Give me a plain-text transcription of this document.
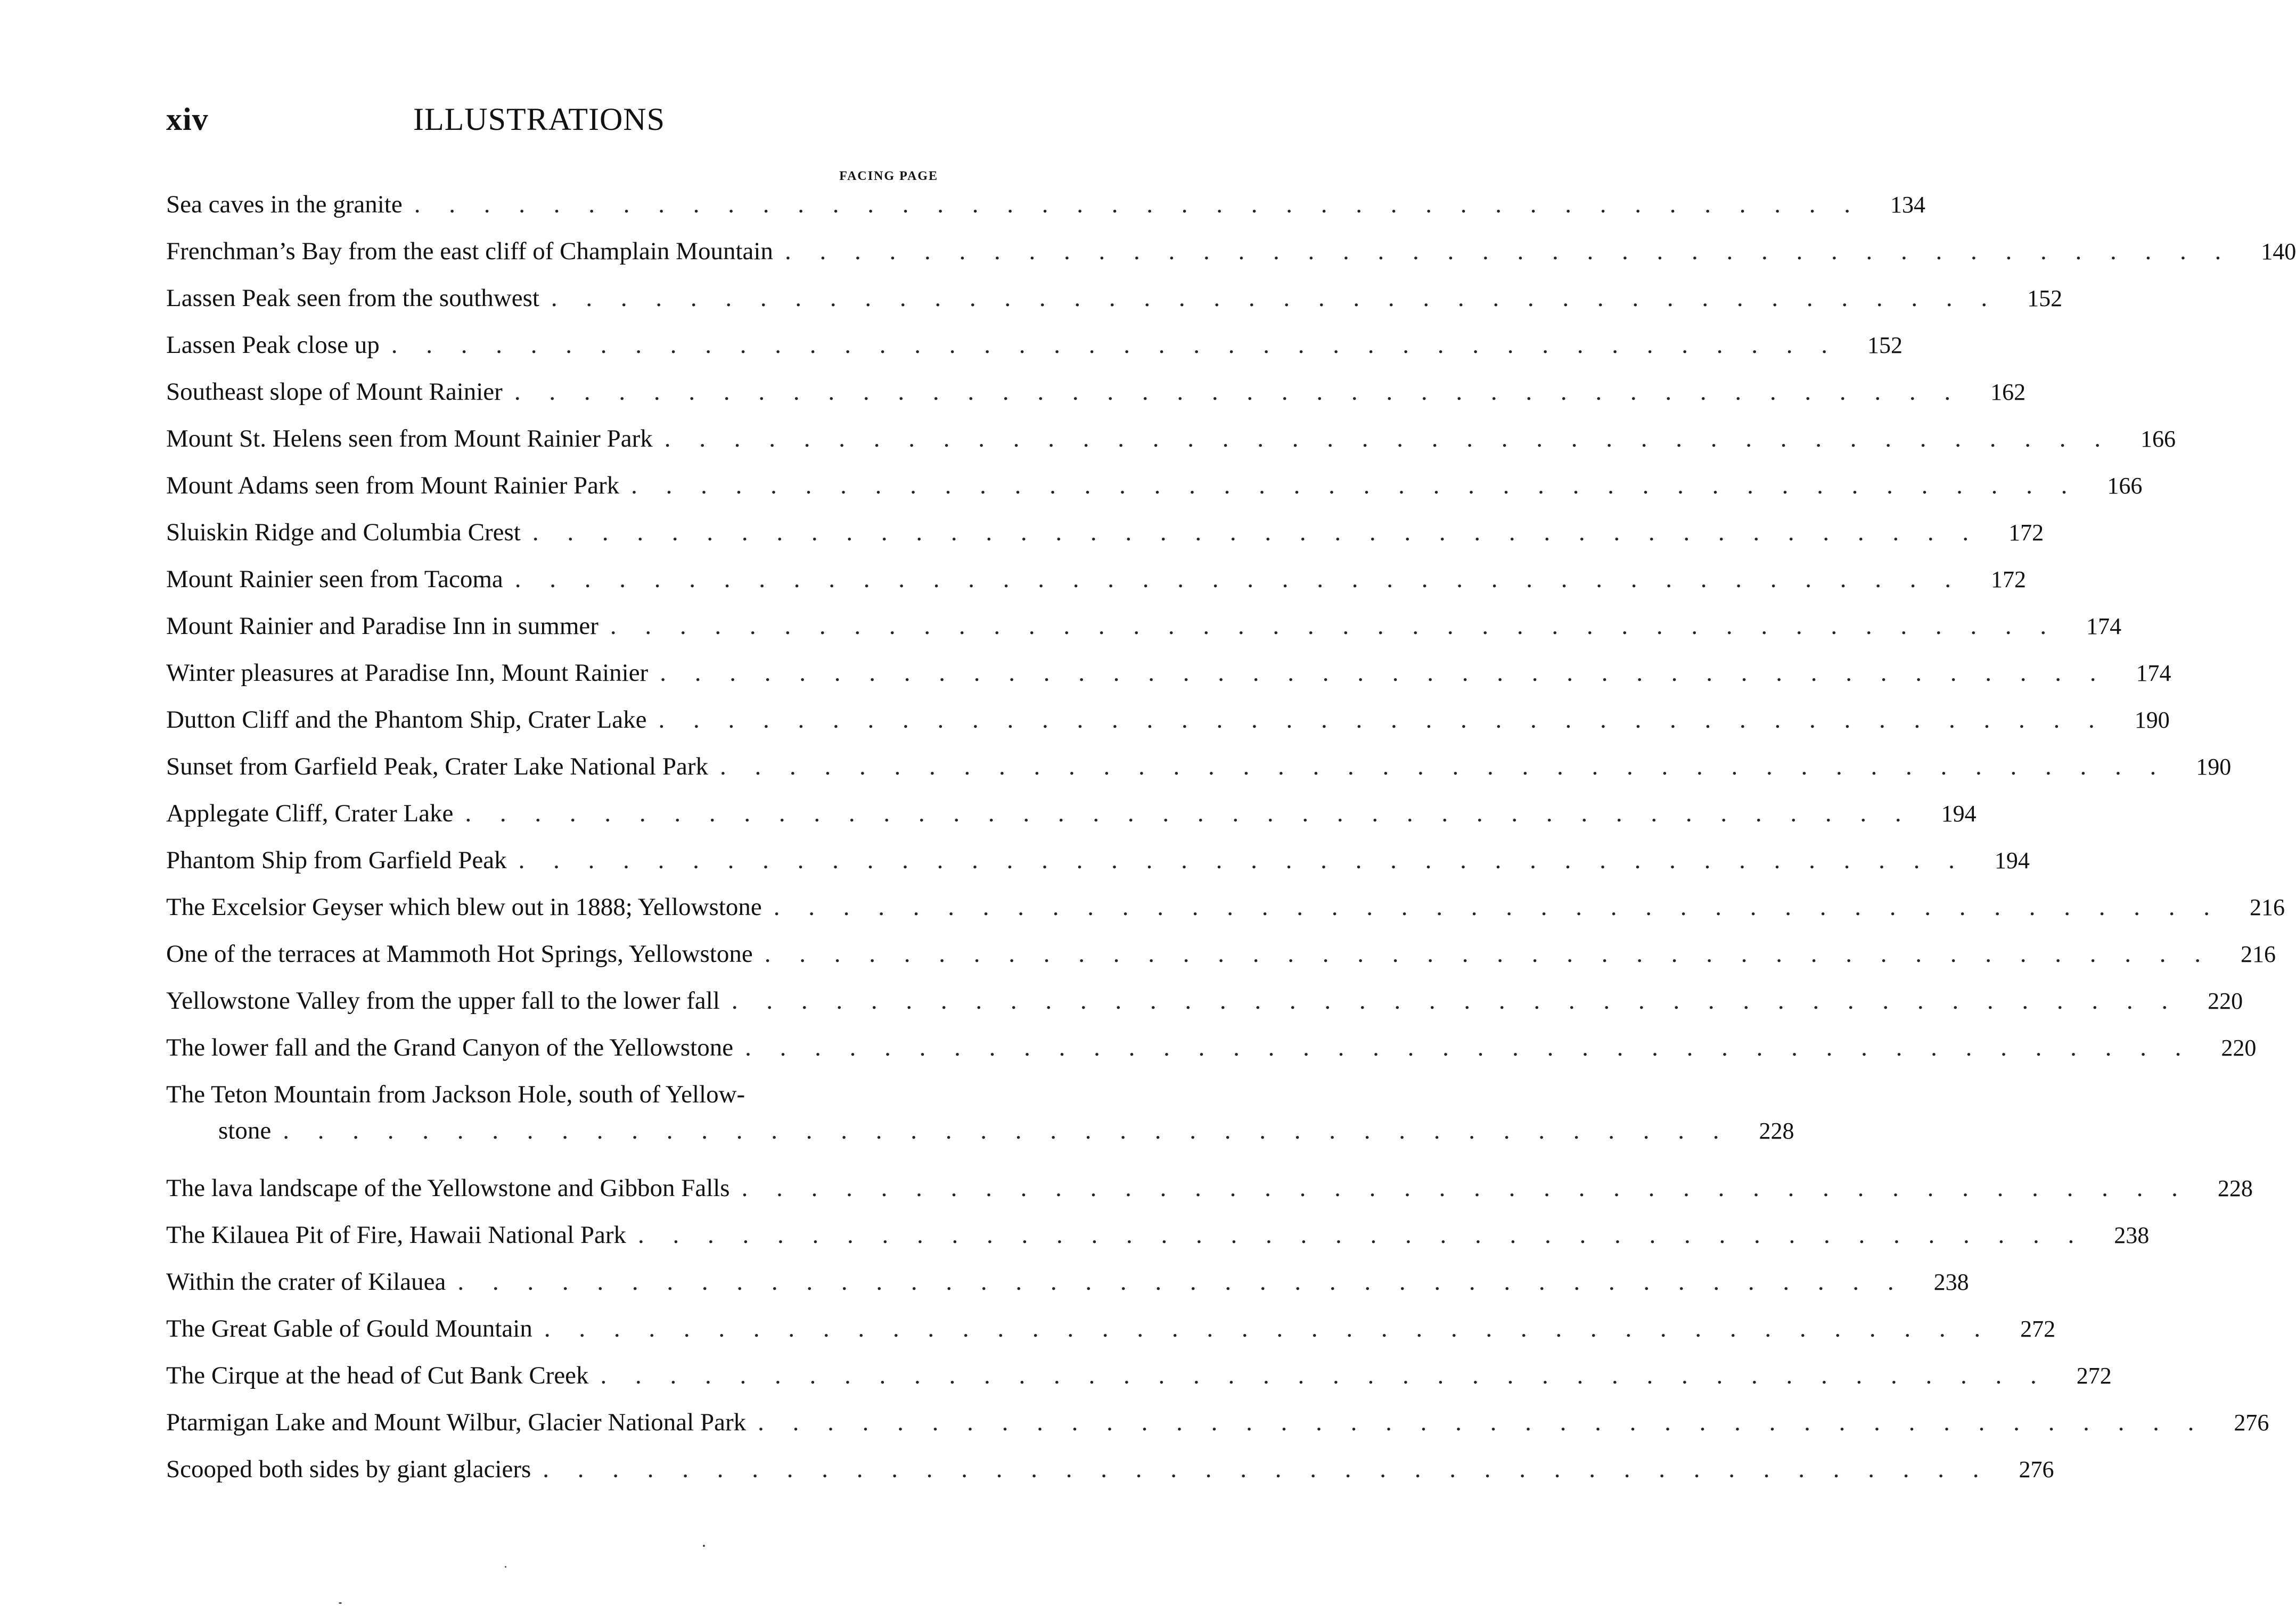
xiv	ILLUSTRATIONS
FACING PAGE
Sea caves in the granite . . . . . . . . . . . . . . . . . . . . . . . . . . . . . . . . . . . . . . . . . .	134
Frenchman’s Bay from the east cliff of Champlain Mountain . . . . . . . . . . . . . . . . . . . . . . . . . . . . . . . . . . . . . . . . . .	140
Lassen Peak seen from the southwest . . . . . . . . . . . . . . . . . . . . . . . . . . . . . . . . . . . . . . . . . .	152
Lassen Peak close up . . . . . . . . . . . . . . . . . . . . . . . . . . . . . . . . . . . . . . . . . .	152
Southeast slope of Mount Rainier . . . . . . . . . . . . . . . . . . . . . . . . . . . . . . . . . . . . . . . . . .	162
Mount St. Helens seen from Mount Rainier Park . . . . . . . . . . . . . . . . . . . . . . . . . . . . . . . . . . . . . . . . . .	166
Mount Adams seen from Mount Rainier Park . . . . . . . . . . . . . . . . . . . . . . . . . . . . . . . . . . . . . . . . . .	166
Sluiskin Ridge and Columbia Crest . . . . . . . . . . . . . . . . . . . . . . . . . . . . . . . . . . . . . . . . . .	172
Mount Rainier seen from Tacoma . . . . . . . . . . . . . . . . . . . . . . . . . . . . . . . . . . . . . . . . . .	172
Mount Rainier and Paradise Inn in summer . . . . . . . . . . . . . . . . . . . . . . . . . . . . . . . . . . . . . . . . . .	174
Winter pleasures at Paradise Inn, Mount Rainier . . . . . . . . . . . . . . . . . . . . . . . . . . . . . . . . . . . . . . . . . .	174
Dutton Cliff and the Phantom Ship, Crater Lake . . . . . . . . . . . . . . . . . . . . . . . . . . . . . . . . . . . . . . . . . .	190
Sunset from Garfield Peak, Crater Lake National Park . . . . . . . . . . . . . . . . . . . . . . . . . . . . . . . . . . . . . . . . . .	190
Applegate Cliff, Crater Lake . . . . . . . . . . . . . . . . . . . . . . . . . . . . . . . . . . . . . . . . . .	194
Phantom Ship from Garfield Peak . . . . . . . . . . . . . . . . . . . . . . . . . . . . . . . . . . . . . . . . . .	194
The Excelsior Geyser which blew out in 1888; Yellowstone . . . . . . . . . . . . . . . . . . . . . . . . . . . . . . . . . . . . . . . . . .	216
One of the terraces at Mammoth Hot Springs, Yellowstone . . . . . . . . . . . . . . . . . . . . . . . . . . . . . . . . . . . . . . . . . .	216
Yellowstone Valley from the upper fall to the lower fall . . . . . . . . . . . . . . . . . . . . . . . . . . . . . . . . . . . . . . . . . .	220
The lower fall and the Grand Canyon of the Yellowstone . . . . . . . . . . . . . . . . . . . . . . . . . . . . . . . . . . . . . . . . . .	220
The Teton Mountain from Jackson Hole, south of Yellow-
stone . . . . . . . . . . . . . . . . . . . . . . . . . . . . . . . . . . . . . . . . . .	228
The lava landscape of the Yellowstone and Gibbon Falls . . . . . . . . . . . . . . . . . . . . . . . . . . . . . . . . . . . . . . . . . .	228
The Kilauea Pit of Fire, Hawaii National Park . . . . . . . . . . . . . . . . . . . . . . . . . . . . . . . . . . . . . . . . . .	238
Within the crater of Kilauea . . . . . . . . . . . . . . . . . . . . . . . . . . . . . . . . . . . . . . . . . .	238
The Great Gable of Gould Mountain . . . . . . . . . . . . . . . . . . . . . . . . . . . . . . . . . . . . . . . . . .	272
The Cirque at the head of Cut Bank Creek . . . . . . . . . . . . . . . . . . . . . . . . . . . . . . . . . . . . . . . . . .	272
Ptarmigan Lake and Mount Wilbur, Glacier National Park . . . . . . . . . . . . . . . . . . . . . . . . . . . . . . . . . . . . . . . . . .	276
Scooped both sides by giant glaciers . . . . . . . . . . . . . . . . . . . . . . . . . . . . . . . . . . . . . . . . . .	276
